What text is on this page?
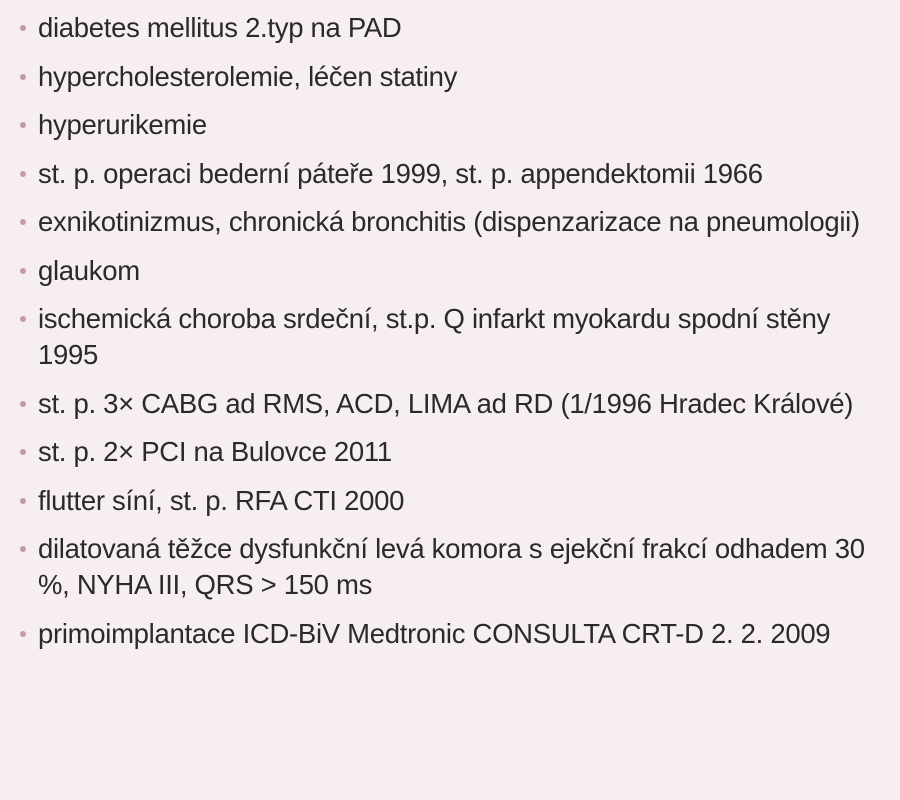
diabetes mellitus 2.typ na PAD
hypercholesterolemie, léčen statiny
hyperurikemie
st. p. operaci bederní páteře 1999, st. p. appendektomii 1966
exnikotinizmus, chronická bronchitis (dispenzarizace na pneumologii)
glaukom
ischemická choroba srdeční, st.p. Q infarkt myokardu spodní stěny 1995
st. p. 3× CABG ad RMS, ACD, LIMA ad RD (1/1996 Hradec Králové)
st. p. 2× PCI na Bulovce 2011
flutter síní, st. p. RFA CTI 2000
dilatovaná těžce dysfunkční levá komora s ejekční frakcí odhadem 30 %, NYHA III, QRS > 150 ms
primoimplantace ICD-BiV Medtronic CONSULTA CRT-D 2. 2. 2009
